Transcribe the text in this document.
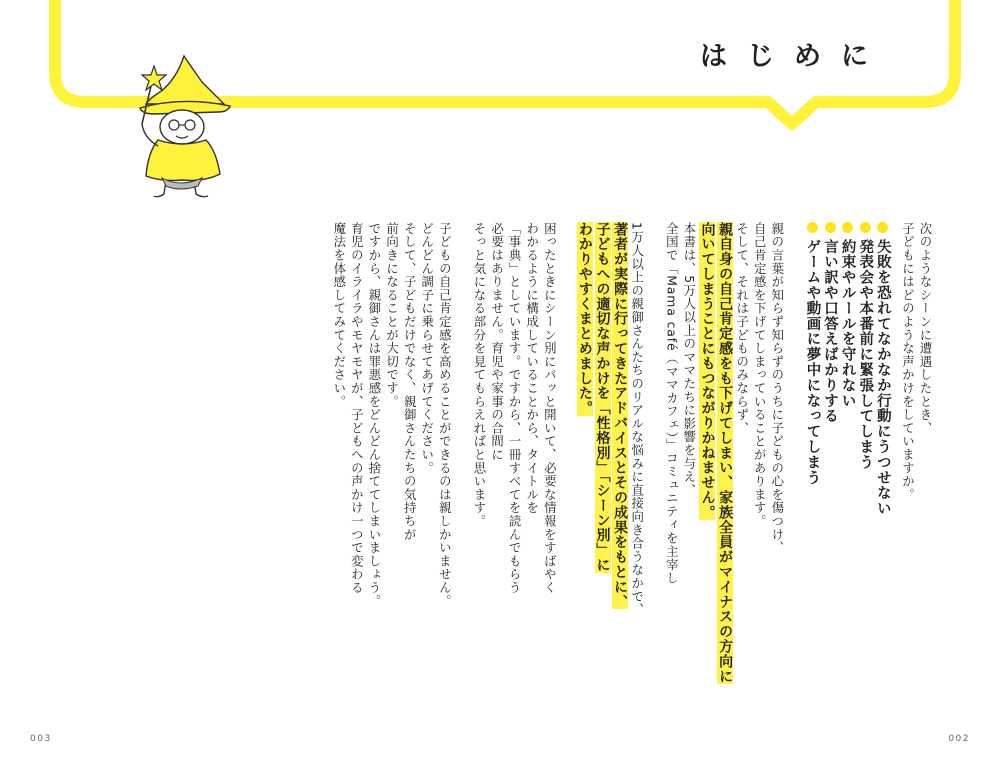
はじめに
次のようなシーンに遭遇したとき、
子どもにはどのような声かけをしていますか。
失敗を恐れてなかなか行動にうつせない
発表会や本番前に緊張してしまう
約束やルールを守れない
言い訳や口答えばかりする
ゲームや動画に夢中になってしまう
親の言葉が知らず知らずのうちに子どもの心を傷つけ、
自己肯定感を下げてしまっていることがあります。
そして、それは子どものみならず、
親自身の自己肯定感をも下げてしまい、家族全員がマイナスの方向に
向いてしまうことにもつながりかねません。
本書は、5万人以上のママたちに影響を与え、
全国で「Mama café（ママカフェ）」コミュニティを主宰し
1万人以上の親御さんたちのリアルな悩みに直接向き合うなかで、
著者が実際に行ってきたアドバイスとその成果をもとに、
子どもへの適切な声かけを「性格別」「シーン別」に
わかりやすくまとめました。
困ったときにシーン別にパッと開いて、必要な情報をすばやく
わかるように構成していることから、タイトルを
「事典」としています。ですから、一冊すべてを読んでもらう
必要はありません。育児や家事の合間に
そっと気になる部分を見てもらえればと思います。
子どもの自己肯定感を高めることができるのは親しかいません。
どんどん調子に乗らせてあげてください。
そして、子どもだけでなく、親御さんたちの気持ちが
前向きになることが大切です。
ですから、親御さんは罪悪感をどんどん捨ててしまいましょう。
育児のイライラやモヤモヤが、子どもへの声かけ一つで変わる
魔法を体感してみてください。
003	002
